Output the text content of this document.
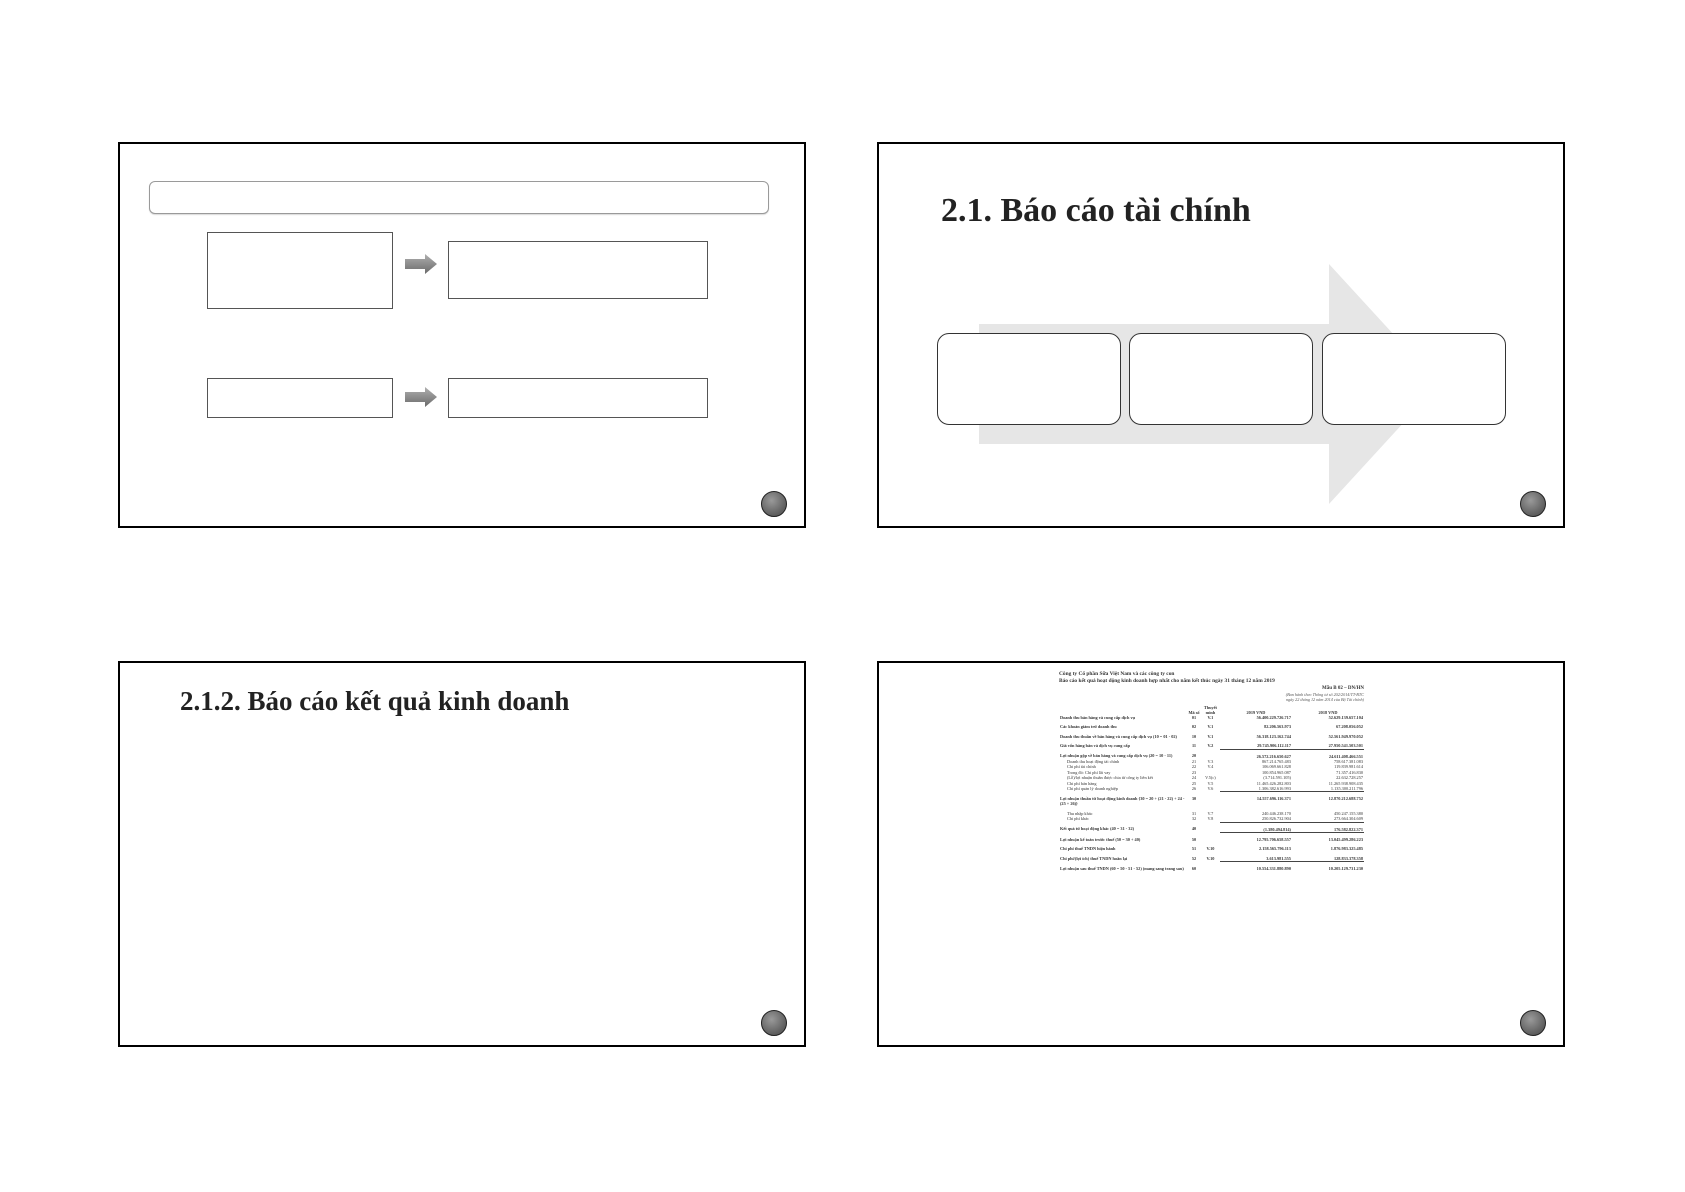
2.1. Báo cáo tài chính
2.1.2. Báo cáo kết quả kinh doanh
Công ty Cổ phần Sữa Việt Nam và các công ty con
Báo cáo kết quả hoạt động kinh doanh hợp nhất cho năm kết thúc ngày 31 tháng 12 năm 2019
Mẫu B 02 – DN/HN
(Ban hành theo Thông tư số 202/2014/TT-BTC
ngày 22 tháng 12 năm 2014 của Bộ Tài chính)
	Mã số	Thuyết minh	2019 VND	2018 VND
Doanh thu bán hàng và cung cấp dịch vụ	01	V.1	56.400.229.726.717	52.629.139.657.104
Các khoản giảm trừ doanh thu	02	V.1	82.206.563.973	67.208.056.052
Doanh thu thuần về bán hàng và cung cấp dịch vụ (10 = 01 - 02)	10	V.1	56.318.123.162.744	52.561.949.970.052
Giá vốn hàng bán và dịch vụ cung cấp	11	V.2	29.745.906.112.117	27.950.541.503.501
Lợi nhuận gộp về bán hàng và cung cấp dịch vụ (20 = 10 - 11)	20		26.572.216.650.627	24.611.408.466.551
Doanh thu hoạt động tài chính	21	V.3	867.214.765.483	758.617.381.083
Chi phí tài chính	22	V.4	106.069.661.828	119.839.981.614
Trong đó: Chi phí lãi vay	23		100.854.965.087	71.357.416.830
(Lỗ)/lợi nhuận thuần được chia từ công ty liên kết	24	V.5(c)	(3.714.591.105)	22.632.728.257
Chi phí bán hàng	25	V.5	11.465.426.282.803	11.265.938.908.435
Chi phí quản lý doanh nghiệp	26	V.6	1.306.382.616.993	1.135.300.211.796
Lợi nhuận thuần từ hoạt động kinh doanh {30 = 20 + (21 - 22) + 24 - (25 + 26)}	30		14.557.696.116.371	12.870.212.688.752
Thu nhập khác	31	V.7	240.446.238.170	450.247.155.380
Chi phí khác	32	V.8	250.826.732.904	273.664.304.609
Kết quả từ hoạt động khác (40 = 31 - 32)	40		(1.380.494.814)	176.582.822.371
Lợi nhuận kế toán trước thuế (50 = 30 + 40)	50		12.795.706.658.557	13.045.499.286.223
Chi phí thuế TNDN hiện hành	51	V.10	2.158.565.796.113	1.876.983.325.485
Chi phí/(lợi ích) thuế TNDN hoãn lại	52	V.10	3.613.981.555	128.833.378.358
Lợi nhuận sau thuế TNDN (60 = 50 - 51 - 52) (mang sang trang sau)	60		10.554.331.880.890	10.205.129.731.230
